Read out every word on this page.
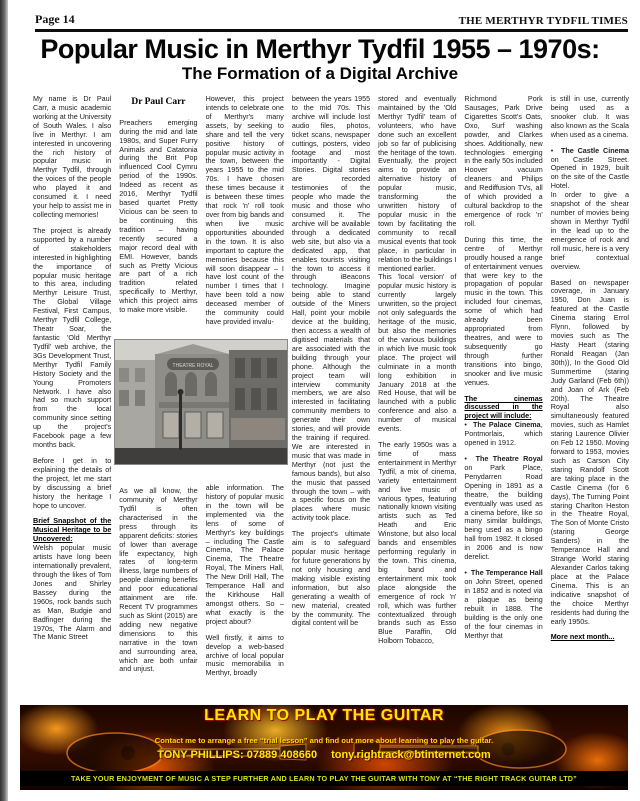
Page 14	THE MERTHYR TYDFIL TIMES
Popular Music in Merthyr Tydfil 1955 – 1970s:
The Formation of a Digital Archive

My name is Dr Paul Carr, a music academic working at the University of South Wales. I also live in Merthyr. I am interested in uncovering the rich history of popular music in Merthyr Tydfil, through the voices of the people who played it and consumed it. I need your help to assist me in collecting memories!

The project is already supported by a number of stakeholders interested in highlighting the importance of popular music heritage to this area, including Merthyr Leisure Trust, The Global Village Festival, First Campus, Merthyr Tydfil College, Theatr Soar, the fantastic 'Old Merthyr Tydfil' web archive, the 3Gs Development Trust, Merthyr Tydfil Family History Society and the Young Promoters Network. I have also had so much support from the local community since setting up the project's Facebook page a few months back.

Before I get in to explaining the details of the project, let me start by discussing a brief history the heritage I hope to uncover.

Brief Snapshot of the Musical Heritage to be Uncovered:

Welsh popular music artists have long been internationally prevalent, through the likes of Tom Jones and Shirley Bassey during the 1960s, rock bands such as Man, Budgie and Badfinger during the 1970s, The Alarm and The Manic Street

Dr Paul Carr

Preachers emerging during the mid and late 1980s, and Super Furry Animals and Catatonia during the Brit Pop influenced Cool Cymru period of the 1990s. Indeed as recent as 2016, Merthyr Tydfil based quartet Pretty Vicious can be seen to be continuing this tradition – having recently secured a major record deal with EMI. However, bands such as Pretty Vicious are part of a rich tradition related specifically to Merthyr, which this project aims to make more visible.

As we all know, the community of Merthyr Tydfil is often characterised in the press through its apparent deficits: stories of lower than average life expectancy, high rates of long-term illness, large numbers of people claiming benefits and poor educational attainment are rife. Recent TV programmes such as Skint (2015) are adding new negative dimensions to this narrative in the town and surrounding area, which are both unfair and unjust.

However, this project intends to celebrate one of Merthyr's many assets, by seeking to share and tell the very positive history of popular music activity in the town, between the years 1955 to the mid 70s. I have chosen these times because it is between these times that rock 'n' roll took over from big bands and when live music opportunities abounded in the town. It is also important to capture the memories because this will soon disappear – I have lost count of the number I times that I have been told a now deceased member of the community could have provided invalu-

able information. The history of popular music in the town will be implemented via the lens of some of Merthyr's key buildings – including The Castle Cinema, The Palace Cinema, The Theatre Royal, The Miners Hall, The New Drill Hall, The Temperance Hall and the Kirkhouse Hall amongst others. So – what exactly is the project about?

Well firstly, it aims to develop a web-based archive of local popular music memorabilia in Merthyr, broadly

between the years 1955 to the mid 70s. This archive will include lost audio files, photos, ticket scans, newspaper cuttings, posters, video footage and most importantly - Digital Stories. Digital stories are recorded testimonies of the people who made the music and those who consumed it. The archive will be available through a dedicated web site, but also via a dedicated app, that enables tourists visiting the town to access it through iBeacons technology. Imagine being able to stand outside of the Miners Hall, point your mobile device at the building, then access a wealth of digitised materials that are associated with the building through your phone. Although the project team will interview community members, we are also interested in facilitating community members to generate their own stories, and will provide the training if required. We are interested in music that was made in Merthyr (not just the famous bands), but also the music that passed through the town – with a specific focus on the places where music activity took place.

The project's ultimate aim is to safeguard popular music heritage for future generations by not only housing and making visible existing information, but also generating a wealth of new material, created by the community. The digital content will be

stored and eventually maintained by the 'Old Merthyr Tydfil' team of volunteers, who have done such an excellent job so far of publicising the heritage of the town. Eventually, the project aims to provide an alternative history of popular music, transforming the unwritten history of popular music in the town by facilitating the community to recall musical events that took place, in particular in relation to the buildings I mentioned earlier.

This 'local version' of popular music history is currently largely unwritten, so the project not only safeguards the heritage of the music, but also the memories of the various buildings in which live music took place. The project will culminate in a month long exhibition in January 2018 at the Red House, that will be launched with a public conference and also a number of musical events.

The early 1950s was a time of mass entertainment in Merthyr Tydfil, a mix of cinema, variety entertainment and live music of various types, featuring nationally known visiting artists such as Ted Heath and Eric Winstone, but also local bands and ensembles performing regularly in the town. This cinema, big band and entertainment mix took place alongside the emergence of rock 'n' roll, which was further contextualized through brands such as Esso Blue Paraffin, Old Holborn Tobacco,

Richmond Pork Sausages, Park Drive Cigarettes Scott's Oats, Oxo, Surf washing powder, and Clarkes shoes. Additionally, new technologies emerging in the early 50s included Hoover vacuum cleaners and Philips and Rediffusion TVs, all of which provided a cultural backdrop to the emergence of rock 'n' roll.

During this time, the centre of Merthyr proudly housed a range of entertainment venues that were key to the propagation of popular music in the town. This included four cinemas, some of which had already been appropriated from theatres, and were to subsequently go through further transitions into bingo, snooker and live music venues.

The cinemas discussed in the project will include:

•  The Palace Cinema, Pontmorlais, which opened in 1912.

•  The Theatre Royal on Park Place, Penydarren Road Opening in 1891 as a theatre, the building eventually was used as a cinema before, like so many similar buildings, being used as a bingo hall from 1982. It closed in 2006 and is now derelict.

•  The Temperance Hall on John Street, opened in 1852 and is noted via a plaque as being rebuilt in 1888. The building is the only one of the four cinemas in Merthyr that

is still in use, currently being used as a snooker club. It was also known as the Scala when used as a cinema.

•  The Castle Cinema on Castle Street. Opened in 1929, built on the site of the Castle Hotel.

In order to give a snapshot of the shear number of movies being shown in Merthyr Tydfil in the lead up to the emergence of rock and roll music, here is a very brief contextual overview.

Based on newspaper coverage, in January 1950, Don Juan is featured at the Castle Cinema staring Errol Flynn, followed by movies such as The Hasty Heart (staring Ronald Reagan (Jan 30th)), In the Good Old Summertime (staring Judy Garland (Feb 6th)) and Joan of Ark (Feb 20th). The Theatre Royal also simultaneously featured movies, such as Hamlet staring Laurence Olivier on Feb 12 1950. Moving forward to 1953, movies such as Carson City staring Randolf Scott are taking place in the Castle Cinema (for 6 days), The Turning Point staring Charlton Heston in the Theatre Royal, The Son of Monte Cristo (staring George Sanders) in the Temperance Hall and Strange World staring Alexander Carlos taking place at the Palace Cinema. This is an indicative snapshot of the choice Merthyr residents had during the early 1950s.

More next month...

THEATRE ROYAL
LEARN TO PLAY THE GUITAR
Contact me to arrange a free “trial lesson” and find out more about learning to play the guitar.
TONY PHILLIPS: 07889 408660 tony.rightrack@btinternet.com
TAKE YOUR ENJOYMENT OF MUSIC A STEP FURTHER AND LEARN TO PLAY THE GUITAR WITH TONY AT “THE RIGHT TRACK GUITAR LTD”
